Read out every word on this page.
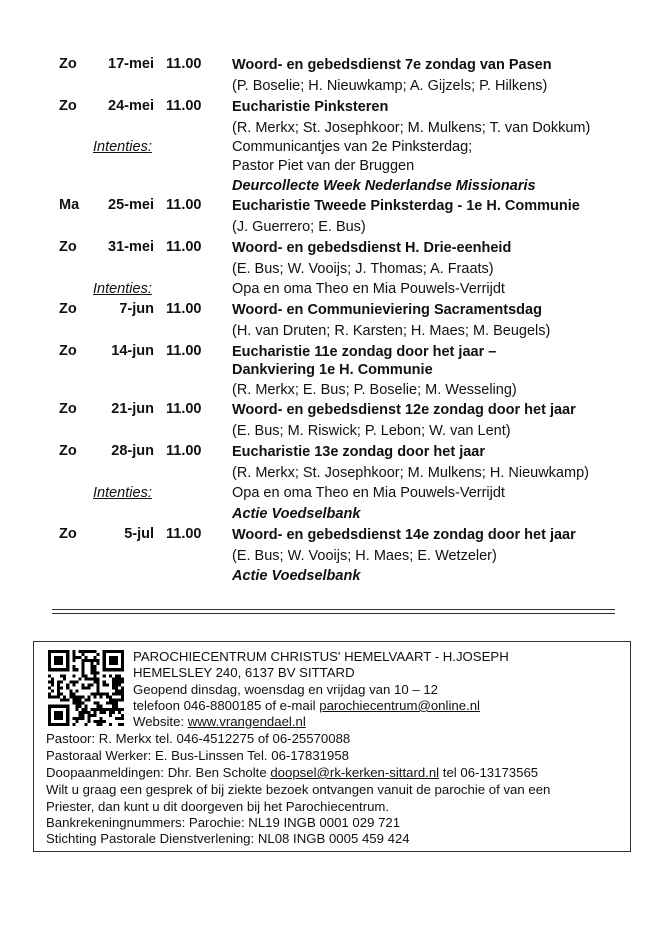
Zo	17-mei 11.00 Woord- en gebedsdienst 7e zondag van Pasen
(P. Boselie; H. Nieuwkamp; A. Gijzels; P. Hilkens)
Zo	24-mei 11.00 Eucharistie Pinksteren
(R. Merkx; St. Josephkoor; M. Mulkens; T. van Dokkum)
Intenties:	Communicantjes van 2e Pinksterdag;
Pastor Piet van der Bruggen
Deurcollecte Week Nederlandse Missionaris
Ma	25-mei 11.00 Eucharistie Tweede Pinksterdag - 1e H. Communie
(J. Guerrero; E. Bus)
Zo	31-mei 11.00 Woord- en gebedsdienst H. Drie-eenheid
(E. Bus; W. Vooijs; J. Thomas; A. Fraats)
Intenties:	Opa en oma Theo en Mia Pouwels-Verrijdt
Zo	7-jun 11.00 Woord- en Communieviering Sacramentsdag
(H. van Druten; R. Karsten; H. Maes; M. Beugels)
Zo	14-jun 11.00 Eucharistie 11e zondag door het jaar –
Dankviering 1e H. Communie
(R. Merkx; E. Bus; P. Boselie; M. Wesseling)
Zo	21-jun 11.00 Woord- en gebedsdienst 12e zondag door het jaar
(E. Bus; M. Riswick; P. Lebon; W. van Lent)
Zo	28-jun 11.00 Eucharistie 13e zondag door het jaar
(R. Merkx; St. Josephkoor; M. Mulkens; H. Nieuwkamp)
Intenties:	Opa en oma Theo en Mia Pouwels-Verrijdt
Actie Voedselbank
Zo	5-jul 11.00 Woord- en gebedsdienst 14e zondag door het jaar
(E. Bus; W. Vooijs; H. Maes; E. Wetzeler)
Actie Voedselbank
PAROCHIECENTRUM CHRISTUS' HEMELVAART - H.JOSEPH
HEMELSLEY 240, 6137 BV SITTARD
Geopend dinsdag, woensdag en vrijdag van 10 – 12
telefoon 046-8800185 of e-mail parochiecentrum@online.nl
Website: www.vrangendael.nl
Pastoor: R. Merkx tel. 046-4512275 of 06-25570088
Pastoraal Werker: E. Bus-Linssen Tel. 06-17831958
Doopaanmeldingen: Dhr. Ben Scholte doopsel@rk-kerken-sittard.nl tel 06-13173565
Wilt u graag een gesprek of bij ziekte bezoek ontvangen vanuit de parochie of van een
Priester, dan kunt u dit doorgeven bij het Parochiecentrum.
Bankrekeningnummers: Parochie: NL19 INGB 0001 029 721
Stichting Pastorale Dienstverlening: NL08 INGB 0005 459 424
